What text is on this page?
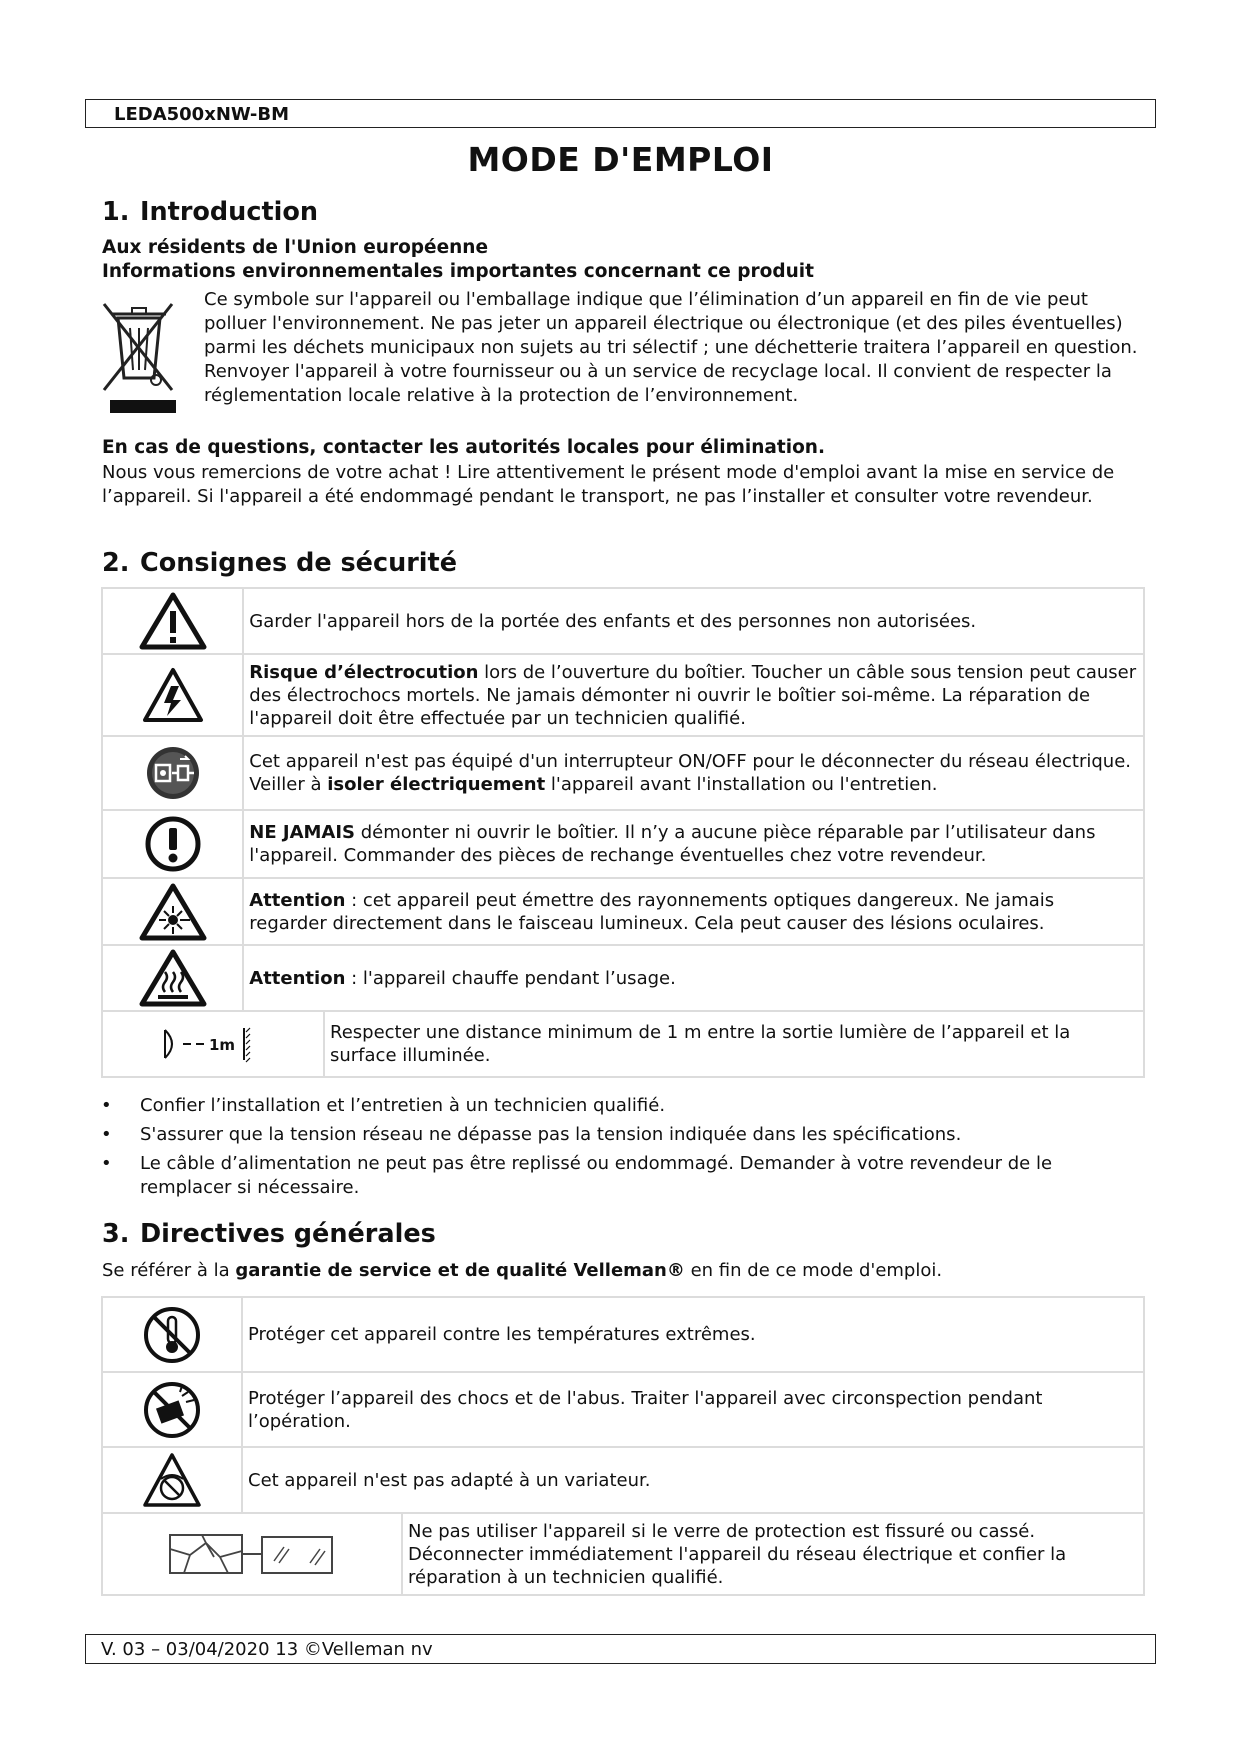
LEDA500xNW-BM
MODE D'EMPLOI
1. Introduction
Aux résidents de l'Union européenne
Informations environnementales importantes concernant ce produit
Ce symbole sur l'appareil ou l'emballage indique que l’élimination d’un appareil en fin de vie peut polluer l'environnement. Ne pas jeter un appareil électrique ou électronique (et des piles éventuelles) parmi les déchets municipaux non sujets au tri sélectif ; une déchetterie traitera l’appareil en question. Renvoyer l'appareil à votre fournisseur ou à un service de recyclage local. Il convient de respecter la réglementation locale relative à la protection de l’environnement.
En cas de questions, contacter les autorités locales pour élimination.
Nous vous remercions de votre achat ! Lire attentivement le présent mode d'emploi avant la mise en service de l’appareil. Si l'appareil a été endommagé pendant le transport, ne pas l’installer et consulter votre revendeur.
2. Consignes de sécurité
	Garder l'appareil hors de la portée des enfants et des personnes non autorisées.	

	Risque d’électrocution lors de l’ouverture du boîtier. Toucher un câble sous tension peut causer des électrochocs mortels. Ne jamais démonter ni ouvrir le boîtier soi-même. La réparation de l'appareil doit être effectuée par un technicien qualifié.	

	Cet appareil n'est pas équipé d'un interrupteur ON/OFF pour le déconnecter du réseau électrique. Veiller à isoler électriquement l'appareil avant l'installation ou l'entretien.	

	NE JAMAIS démonter ni ouvrir le boîtier. Il n’y a aucune pièce réparable par l’utilisateur dans l'appareil. Commander des pièces de rechange éventuelles chez votre revendeur.	

	Attention : cet appareil peut émettre des rayonnements optiques dangereux. Ne jamais regarder directement dans le faisceau lumineux. Cela peut causer des lésions oculaires.	

	Attention : l'appareil chauffe pendant l’usage.	

1m		Respecter une distance minimum de 1 m entre la sortie lumière de l’appareil et la surface illuminée.
• Confier l’installation et l’entretien à un technicien qualifié.
• S'assurer que la tension réseau ne dépasse pas la tension indiquée dans les spécifications.
• Le câble d’alimentation ne peut pas être replissé ou endommagé. Demander à votre revendeur de le remplacer si nécessaire.
3. Directives générales
Se référer à la garantie de service et de qualité Velleman® en fin de ce mode d'emploi.
	Protéger cet appareil contre les températures extrêmes.	

	Protéger l’appareil des chocs et de l'abus. Traiter l'appareil avec circonspection pendant l’opération.	

	Cet appareil n'est pas adapté à un variateur.	

	Ne pas utiliser l'appareil si le verre de protection est fissuré ou cassé. Déconnecter immédiatement l'appareil du réseau électrique et confier la réparation à un technicien qualifié.
V. 03 – 03/04/2020 13 ©Velleman nv
